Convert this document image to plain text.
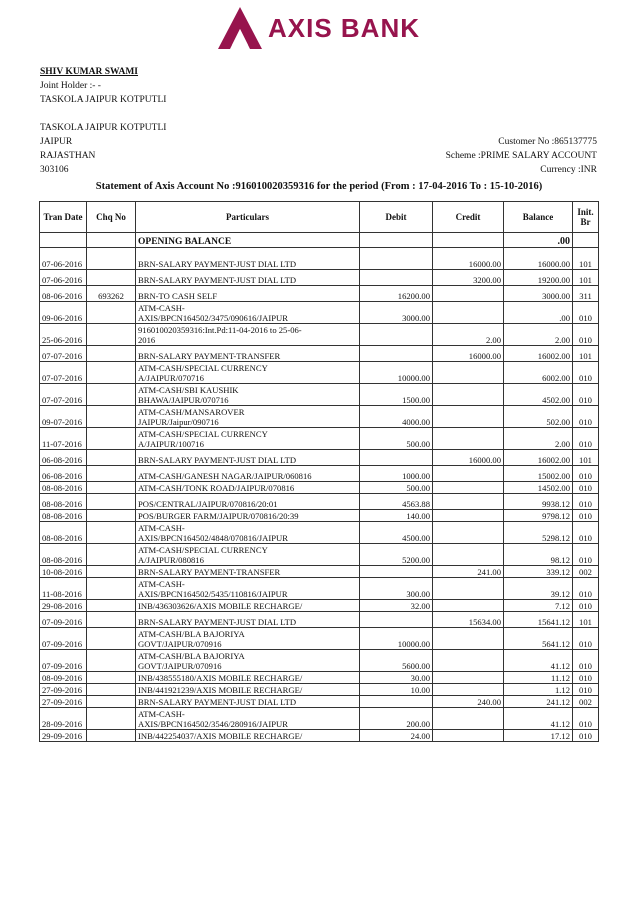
AXIS BANK
SHIV KUMAR SWAMI
Joint Holder :- -
TASKOLA JAIPUR KOTPUTLI
TASKOLA JAIPUR KOTPUTLI
JAIPUR
RAJASTHAN
303106
Customer No :865137775
Scheme :PRIME SALARY ACCOUNT
Currency :INR
Statement of Axis Account No :916010020359316 for the period (From : 17-04-2016 To : 15-10-2016)
Tran Date	Chq No	Particulars	Debit	Credit	Balance	Init.
Br
		OPENING BALANCE			.00	

07-06-2016		BRN-SALARY PAYMENT-JUST DIAL LTD		16000.00	16000.00	101
07-06-2016		BRN-SALARY PAYMENT-JUST DIAL LTD		3200.00	19200.00	101
08-06-2016	693262	BRN-TO CASH SELF	16200.00		3000.00	311
09-06-2016		ATM-CASH-
AXIS/BPCN164502/3475/090616/JAIPUR	3000.00		.00	010
25-06-2016		916010020359316:Int.Pd:11-04-2016 to 25-06-
2016		2.00	2.00	010
07-07-2016		BRN-SALARY PAYMENT-TRANSFER		16000.00	16002.00	101
07-07-2016		ATM-CASH/SPECIAL CURRENCY
A/JAIPUR/070716	10000.00		6002.00	010
07-07-2016		ATM-CASH/SBI KAUSHIK
BHAWA/JAIPUR/070716	1500.00		4502.00	010
09-07-2016		ATM-CASH/MANSAROVER
JAIPUR/Jaipur/090716	4000.00		502.00	010
11-07-2016		ATM-CASH/SPECIAL CURRENCY
A/JAIPUR/100716	500.00		2.00	010
06-08-2016		BRN-SALARY PAYMENT-JUST DIAL LTD		16000.00	16002.00	101
06-08-2016		ATM-CASH/GANESH NAGAR/JAIPUR/060816	1000.00		15002.00	010
08-08-2016		ATM-CASH/TONK ROAD/JAIPUR/070816	500.00		14502.00	010
08-08-2016		POS/CENTRAL/JAIPUR/070816/20:01	4563.88		9938.12	010
08-08-2016		POS/BURGER FARM/JAIPUR/070816/20:39	140.00		9798.12	010
08-08-2016		ATM-CASH-
AXIS/BPCN164502/4848/070816/JAIPUR	4500.00		5298.12	010
08-08-2016		ATM-CASH/SPECIAL CURRENCY
A/JAIPUR/080816	5200.00		98.12	010
10-08-2016		BRN-SALARY PAYMENT-TRANSFER		241.00	339.12	002
11-08-2016		ATM-CASH-
AXIS/BPCN164502/5435/110816/JAIPUR	300.00		39.12	010
29-08-2016		INB/436303626/AXIS MOBILE RECHARGE/	32.00		7.12	010
07-09-2016		BRN-SALARY PAYMENT-JUST DIAL LTD		15634.00	15641.12	101
07-09-2016		ATM-CASH/BLA BAJORIYA
GOVT/JAIPUR/070916	10000.00		5641.12	010
07-09-2016		ATM-CASH/BLA BAJORIYA
GOVT/JAIPUR/070916	5600.00		41.12	010
08-09-2016		INB/438555180/AXIS MOBILE RECHARGE/	30.00		11.12	010
27-09-2016		INB/441921239/AXIS MOBILE RECHARGE/	10.00		1.12	010
27-09-2016		BRN-SALARY PAYMENT-JUST DIAL LTD		240.00	241.12	002
28-09-2016		ATM-CASH-
AXIS/BPCN164502/3546/280916/JAIPUR	200.00		41.12	010
29-09-2016		INB/442254037/AXIS MOBILE RECHARGE/	24.00		17.12	010
